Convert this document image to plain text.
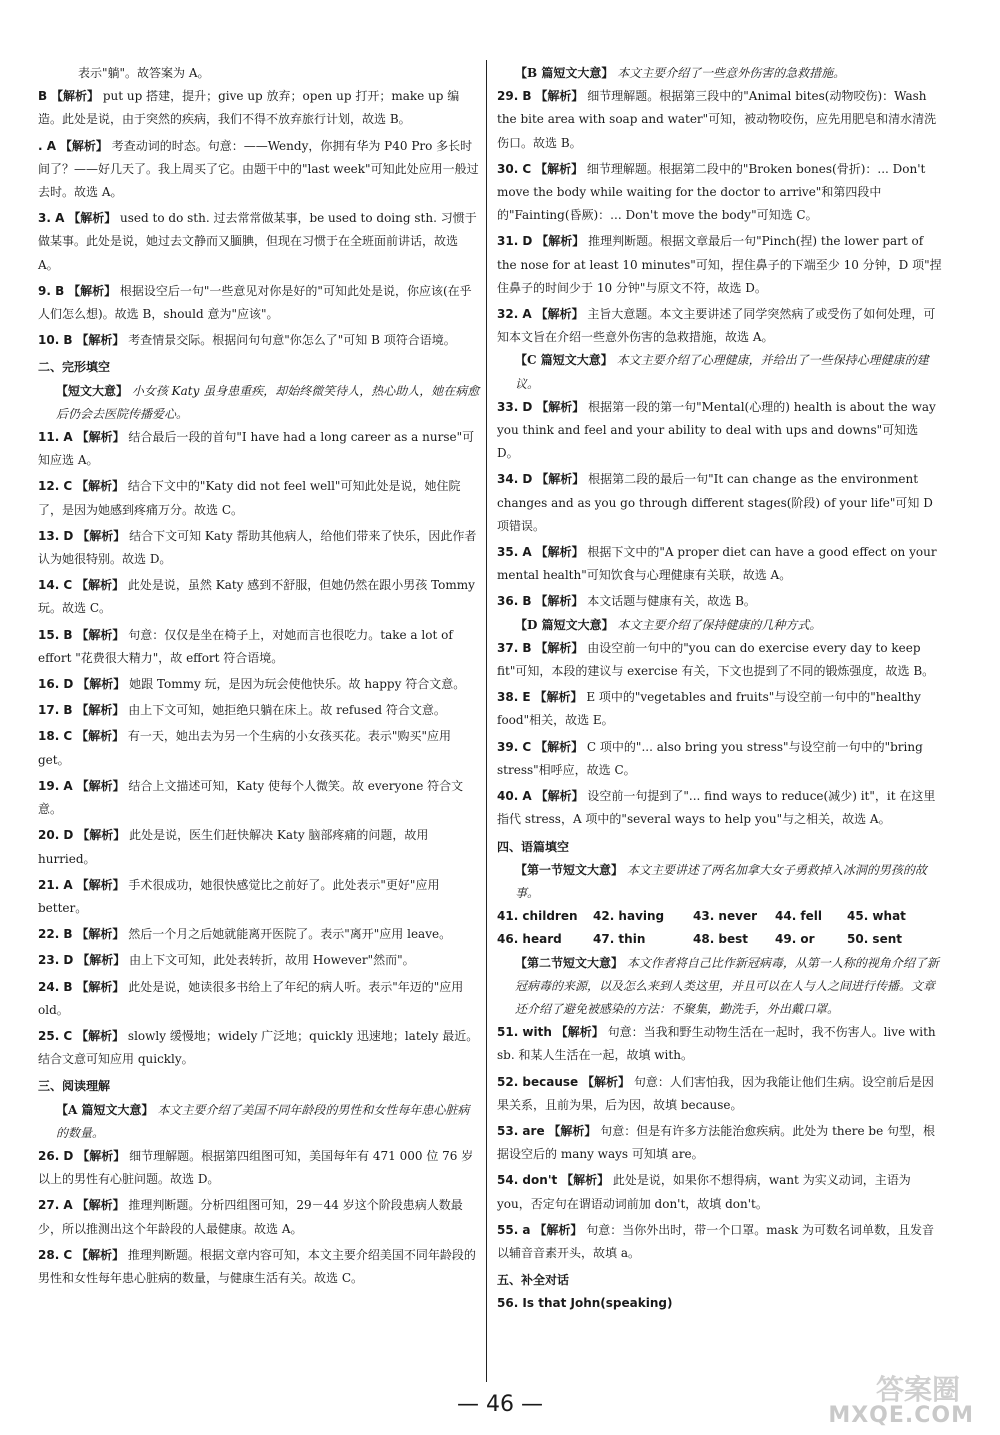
表示"躺"。故答案为 A。
B 【解析】 put up 搭建，提升；give up 放弃；open up 打开；make up 编造。此处是说，由于突然的疾病，我们不得不放弃旅行计划，故选 B。
. A 【解析】 考查动词的时态。句意：——Wendy，你拥有华为 P40 Pro 多长时间了？——好几天了。我上周买了它。由题干中的"last week"可知此处应用一般过去时。故选 A。
3. A 【解析】 used to do sth. 过去常常做某事，be used to doing sth. 习惯于做某事。此处是说，她过去文静而又腼腆，但现在习惯于在全班面前讲话，故选 A。
9. B 【解析】 根据设空后一句"一些意见对你是好的"可知此处是说，你应该(在乎人们怎么想)。故选 B，should 意为"应该"。
10. B 【解析】 考查情景交际。根据问句句意"你怎么了"可知 B 项符合语境。
二、完形填空
【短文大意】 小女孩 Katy 虽身患重疾，却始终微笑待人，热心助人，她在病愈后仍会去医院传播爱心。
11. A 【解析】 结合最后一段的首句"I have had a long career as a nurse"可知应选 A。
12. C 【解析】 结合下文中的"Katy did not feel well"可知此处是说，她住院了，是因为她感到疼痛万分。故选 C。
13. D 【解析】 结合下文可知 Katy 帮助其他病人，给他们带来了快乐，因此作者认为她很特别。故选 D。
14. C 【解析】 此处是说，虽然 Katy 感到不舒服，但她仍然在跟小男孩 Tommy 玩。故选 C。
15. B 【解析】 句意：仅仅是坐在椅子上，对她而言也很吃力。take a lot of effort "花费很大精力"，故 effort 符合语境。
16. D 【解析】 她跟 Tommy 玩，是因为玩会使他快乐。故 happy 符合文意。
17. B 【解析】 由上下文可知，她拒绝只躺在床上。故 refused 符合文意。
18. C 【解析】 有一天，她出去为另一个生病的小女孩买花。表示"购买"应用 get。
19. A 【解析】 结合上文描述可知，Katy 使每个人微笑。故 everyone 符合文意。
20. D 【解析】 此处是说，医生们赶快解决 Katy 脑部疼痛的问题，故用 hurried。
21. A 【解析】 手术很成功，她很快感觉比之前好了。此处表示"更好"应用 better。
22. B 【解析】 然后一个月之后她就能离开医院了。表示"离开"应用 leave。
23. D 【解析】 由上下文可知，此处表转折，故用 However"然而"。
24. B 【解析】 此处是说，她读很多书给上了年纪的病人听。表示"年迈的"应用 old。
25. C 【解析】 slowly 缓慢地；widely 广泛地；quickly 迅速地；lately 最近。结合文意可知应用 quickly。
三、阅读理解
【A 篇短文大意】 本文主要介绍了美国不同年龄段的男性和女性每年患心脏病的数量。
26. D 【解析】 细节理解题。根据第四组图可知，美国每年有 471 000 位 76 岁以上的男性有心脏问题。故选 D。
27. A 【解析】 推理判断题。分析四组图可知，29－44 岁这个阶段患病人数最少，所以推测出这个年龄段的人最健康。故选 A。
28. C 【解析】 推理判断题。根据文章内容可知，本文主要介绍美国不同年龄段的男性和女性每年患心脏病的数量，与健康生活有关。故选 C。
【B 篇短文大意】 本文主要介绍了一些意外伤害的急救措施。
29. B 【解析】 细节理解题。根据第三段中的"Animal bites(动物咬伤)：Wash the bite area with soap and water"可知，被动物咬伤，应先用肥皂和清水清洗伤口。故选 B。
30. C 【解析】 细节理解题。根据第二段中的"Broken bones(骨折)：... Don't move the body while waiting for the doctor to arrive"和第四段中的"Fainting(昏厥)：... Don't move the body"可知选 C。
31. D 【解析】 推理判断题。根据文章最后一句"Pinch(捏) the lower part of the nose for at least 10 minutes"可知，捏住鼻子的下端至少 10 分钟，D 项"捏住鼻子的时间少于 10 分钟"与原文不符，故选 D。
32. A 【解析】 主旨大意题。本文主要讲述了同学突然病了或受伤了如何处理，可知本文旨在介绍一些意外伤害的急救措施，故选 A。
【C 篇短文大意】 本文主要介绍了心理健康，并给出了一些保持心理健康的建议。
33. D 【解析】 根据第一段的第一句"Mental(心理的) health is about the way you think and feel and your ability to deal with ups and downs"可知选 D。
34. D 【解析】 根据第二段的最后一句"It can change as the environment changes and as you go through different stages(阶段) of your life"可知 D 项错误。
35. A 【解析】 根据下文中的"A proper diet can have a good effect on your mental health"可知饮食与心理健康有关联，故选 A。
36. B 【解析】 本文话题与健康有关，故选 B。
【D 篇短文大意】 本文主要介绍了保持健康的几种方式。
37. B 【解析】 由设空前一句中的"you can do exercise every day to keep fit"可知，本段的建议与 exercise 有关，下文也提到了不同的锻炼强度，故选 B。
38. E 【解析】 E 项中的"vegetables and fruits"与设空前一句中的"healthy food"相关，故选 E。
39. C 【解析】 C 项中的"... also bring you stress"与设空前一句中的"bring stress"相呼应，故选 C。
40. A 【解析】 设空前一句提到了"... find ways to reduce(减少) it"，it 在这里指代 stress，A 项中的"several ways to help you"与之相关，故选 A。
四、语篇填空
【第一节短文大意】 本文主要讲述了两名加拿大女子勇救掉入冰洞的男孩的故事。
41. children	42. having	43. never	44. fell	45. what
46. heard	47. thin	48. best	49. or	50. sent
【第二节短文大意】 本文作者将自己比作新冠病毒，从第一人称的视角介绍了新冠病毒的来源，以及怎么来到人类这里，并且可以在人与人之间进行传播。文章还介绍了避免被感染的方法：不聚集，勤洗手，外出戴口罩。
51. with 【解析】 句意：当我和野生动物生活在一起时，我不伤害人。live with sb. 和某人生活在一起，故填 with。
52. because 【解析】 句意：人们害怕我，因为我能让他们生病。设空前后是因果关系，且前为果，后为因，故填 because。
53. are 【解析】 句意：但是有许多方法能治愈疾病。此处为 there be 句型，根据设空后的 many ways 可知填 are。
54. don't 【解析】 此处是说，如果你不想得病，want 为实义动词，主语为 you，否定句在谓语动词前加 don't，故填 don't。
55. a 【解析】 句意：当你外出时，带一个口罩。mask 为可数名词单数，且发音以辅音音素开头，故填 a。
五、补全对话
56. Is that John(speaking)
— 46 —	答案圈
MXQE.COM
